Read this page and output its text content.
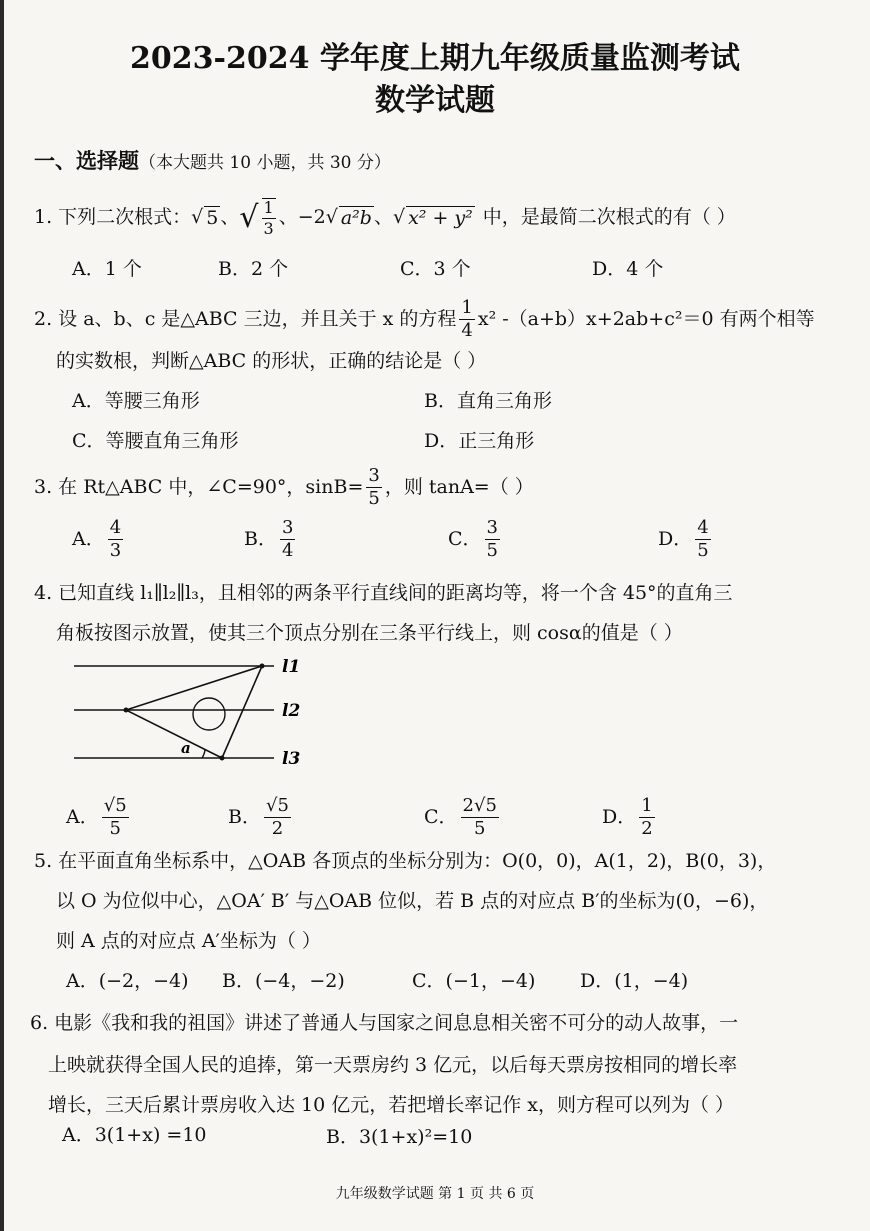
2023-2024 学年度上期九年级质量监测考试
数学试题
一、选择题（本大题共 10 小题，共 30 分）
1. 下列二次根式： √ 5 、 √ $\frac{1}{3}$ 、 −2 √ a²b 、 √ x² + y² 中，是最简二次根式的有（ ）
A．1 个	B．2 个	C．3 个	D．4 个
2. 设 a、b、c 是△ABC 三边，并且关于 x 的方程 $\frac{1}{4} x^2$ -（a+b）x+2ab+c²＝0 有两个相等
的实数根，判断△ABC 的形状，正确的结论是（ ）
A．等腰三角形	B．直角三角形
C．等腰直角三角形	D．正三角形
3. 在 Rt△ABC 中，∠C=90°，$\sin B= \frac{3}{5}$ ，则 tanA=（ ）
A． $\frac{4}{3}$	B． $\frac{3}{4}$	C． $\frac{3}{5}$	D． $\frac{4}{5}$
4. 已知直线 l₁∥l₂∥l₃，且相邻的两条平行直线间的距离均等，将一个含 45°的直角三
角板按图示放置，使其三个顶点分别在三条平行线上，则 cosα的值是（ ）
l1
l2
l3
a
A． $\frac{√5}{5}$	B． $\frac{√5}{2}$	C． $\frac{2√5}{5}$	D． $\frac{1}{2}$
5. 在平面直角坐标系中，△OAB 各顶点的坐标分别为：O(0，0)，A(1，2)，B(0，3)，
以 O 为位似中心，△OA′ B′ 与△OAB 位似，若 B 点的对应点 B′的坐标为(0，−6)，
则 A 点的对应点 A′坐标为（ ）
A．(−2，−4) B．(−4，−2)	C．(−1，−4) D．(1，−4)
6. 电影《我和我的祖国》讲述了普通人与国家之间息息相关密不可分的动人故事，一
上映就获得全国人民的追捧，第一天票房约 3 亿元，以后每天票房按相同的增长率
增长，三天后累计票房收入达 10 亿元，若把增长率记作 x，则方程可以列为（ ）
A．3(1+x) =10	B．3(1+x)²=10
九年级数学试题 第 1 页 共 6 页
